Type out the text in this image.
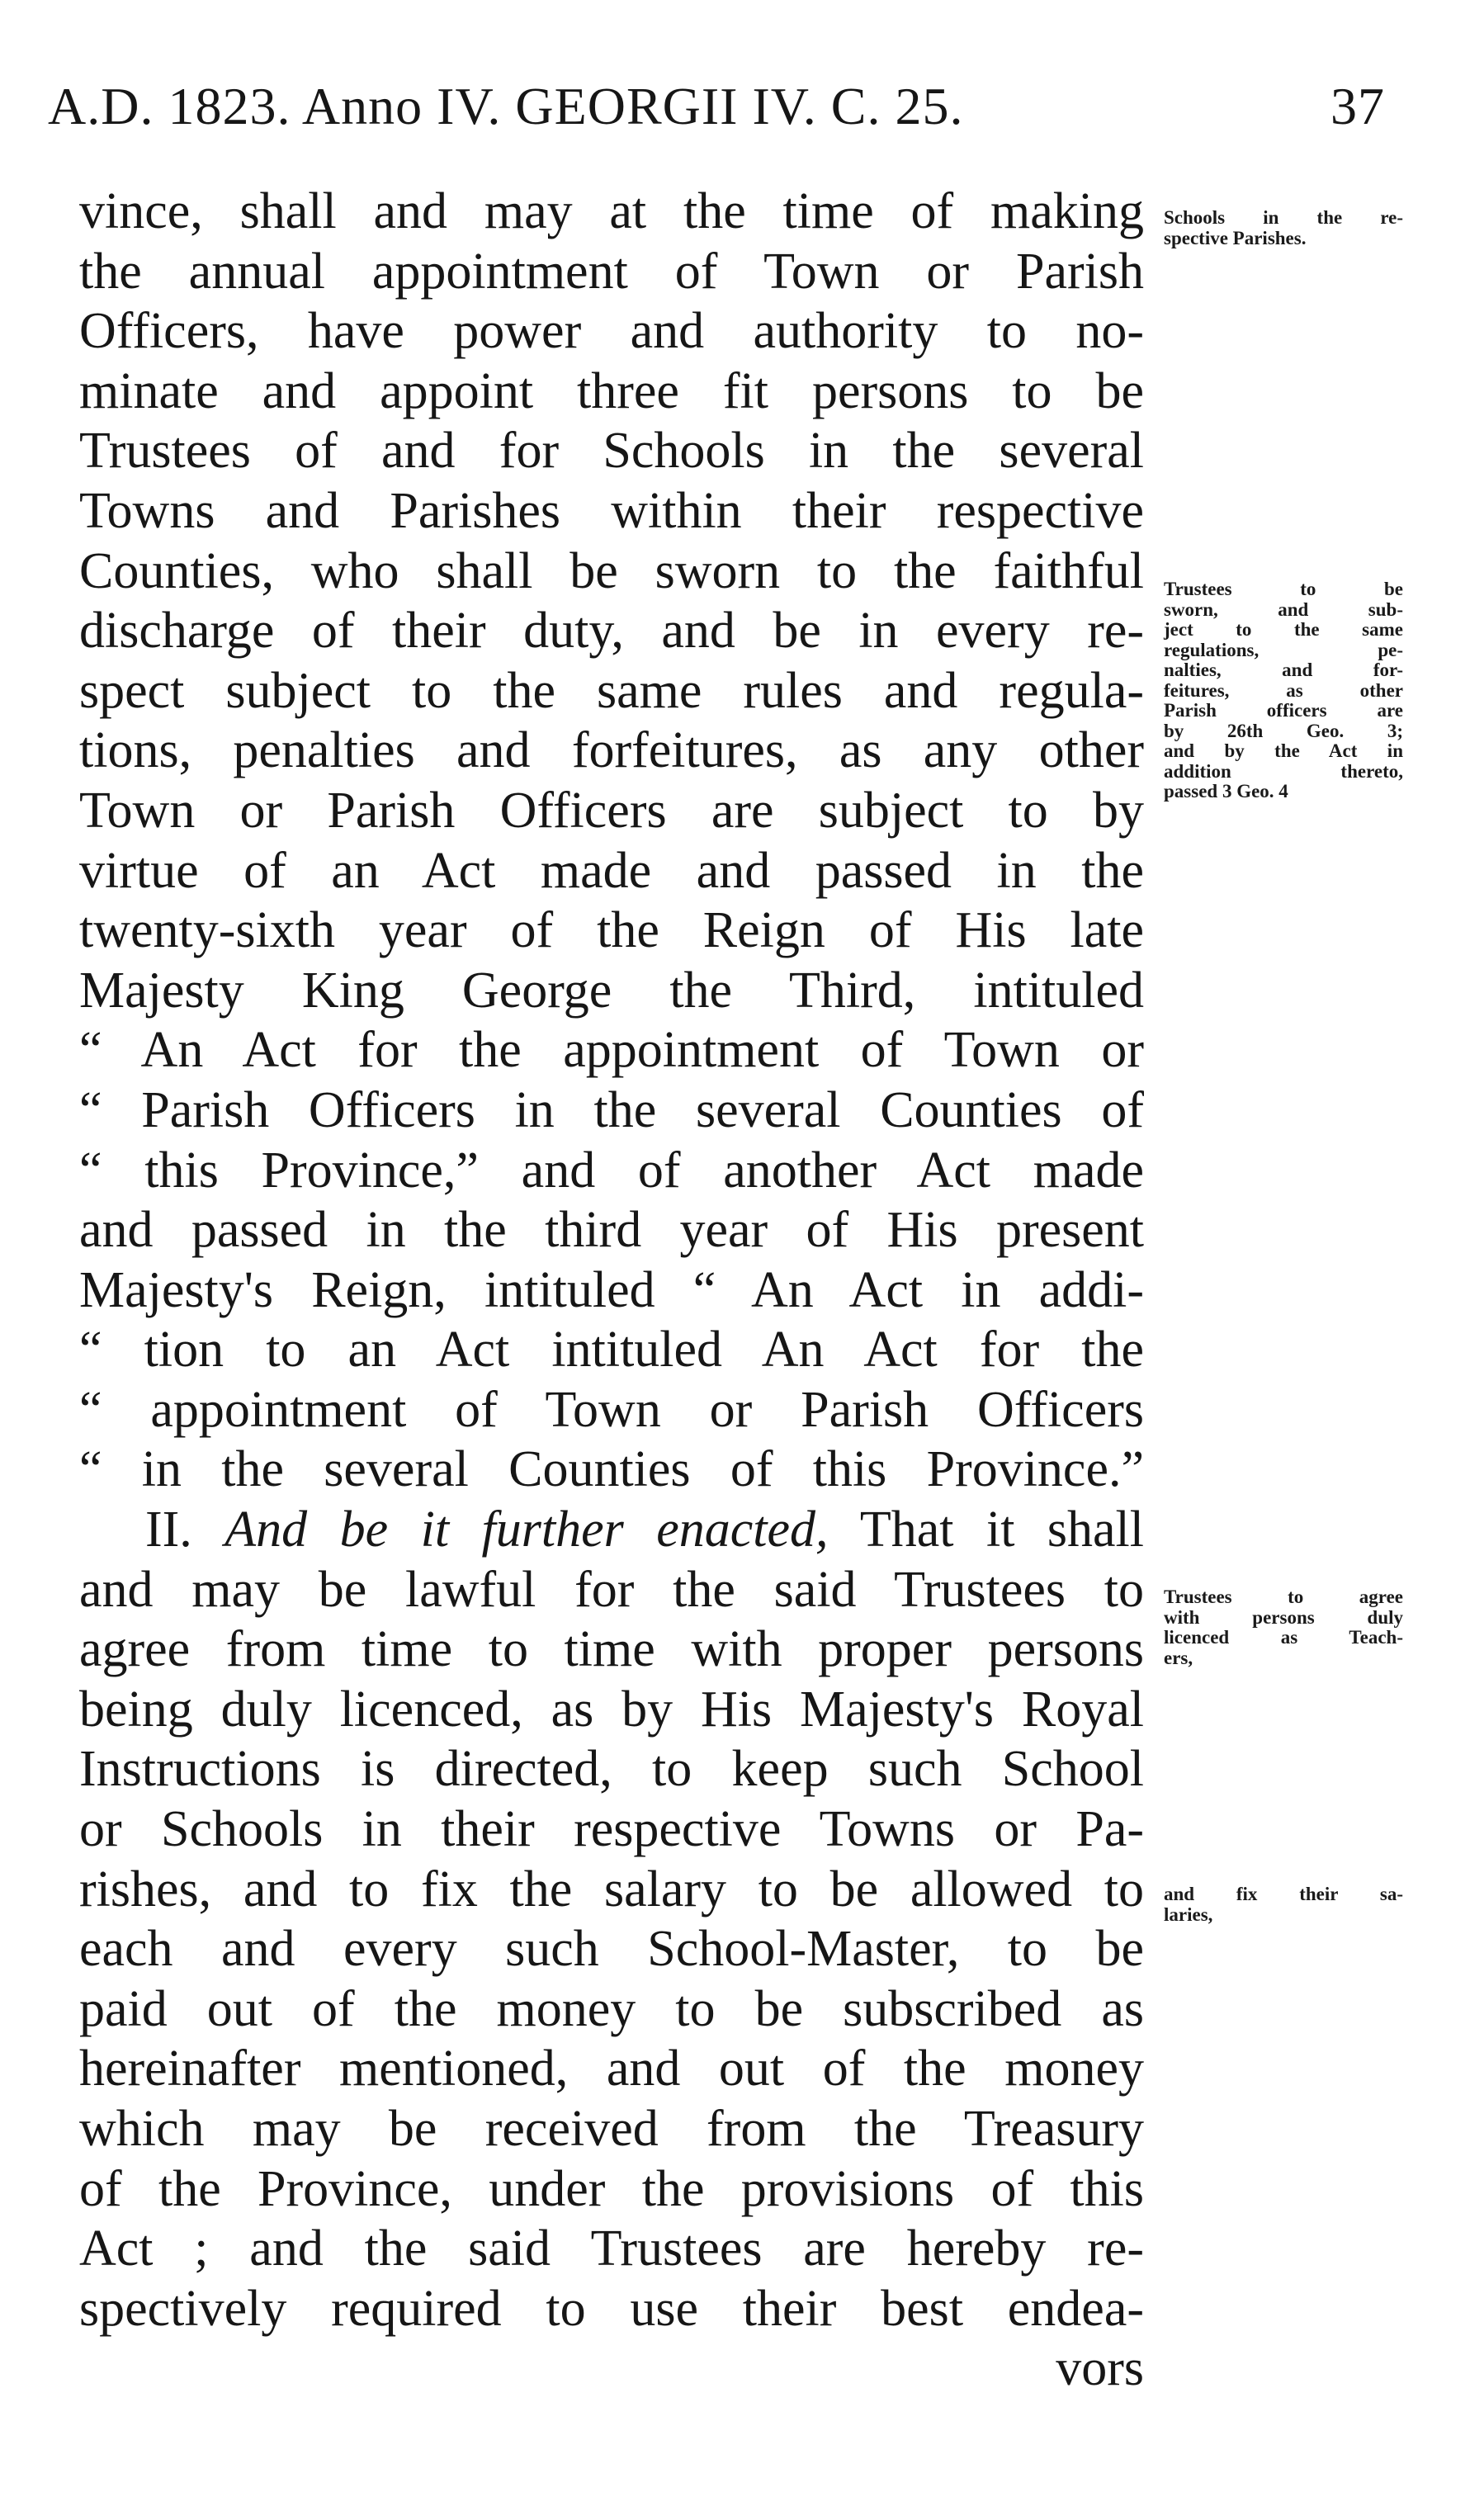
A.D. 1823. Anno IV. GEORGII IV. C. 25.	37
vince, shall and may at the time of making
the annual appointment of Town or Parish
Officers, have power and authority to no-
minate and appoint three fit persons to be
Trustees of and for Schools in the several
Towns and Parishes within their respective
Counties, who shall be sworn to the faithful
discharge of their duty, and be in every re-
spect subject to the same rules and regula-
tions, penalties and forfeitures, as any other
Town or Parish Officers are subject to by
virtue of an Act made and passed in the
twenty-sixth year of the Reign of His late
Majesty King George the Third, intituled
“ An Act for the appointment of Town or
“ Parish Officers in the several Counties of
“ this Province,” and of another Act made
and passed in the third year of His present
Majesty's Reign, intituled “ An Act in addi-
“ tion to an Act intituled An Act for the
“ appointment of Town or Parish Officers
“ in the several Counties of this Province.”
II. And be it further enacted, That it shall
and may be lawful for the said Trustees to
agree from time to time with proper persons
being duly licenced, as by His Majesty's Royal
Instructions is directed, to keep such School
or Schools in their respective Towns or Pa-
rishes, and to fix the salary to be allowed to
each and every such School-Master, to be
paid out of the money to be subscribed as
hereinafter mentioned, and out of the money
which may be received from the Treasury
of the Province, under the provisions of this
Act ; and the said Trustees are hereby re-
spectively required to use their best endea-
vors
Schools in the re-
spective Parishes.
Trustees to be
sworn, and sub-
ject to the same
regulations, pe-
nalties, and for-
feitures, as other
Parish officers are
by 26th Geo. 3;
and by the Act in
addition thereto,
passed 3 Geo. 4
Trustees to agree
with persons duly
licenced as Teach-
ers,
and fix their sa-
laries,
